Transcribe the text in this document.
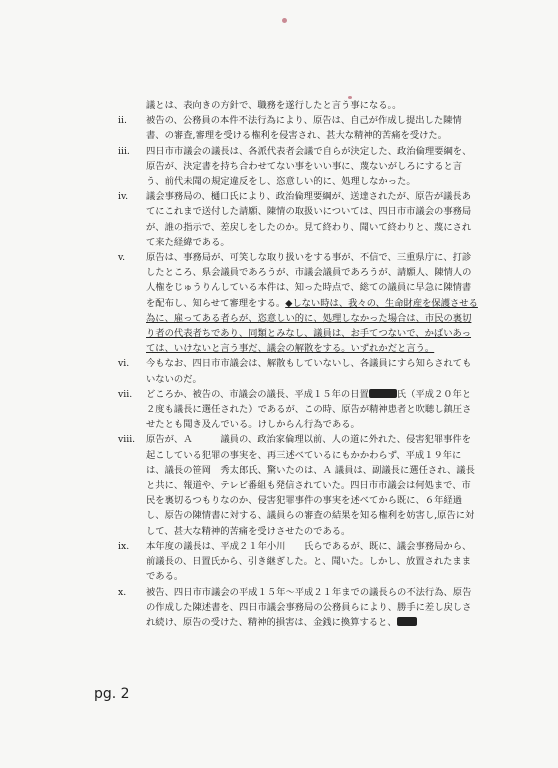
議とは、表向きの方針で、職務を遂行したと言う事になる。。

ii.	被告の、公務員の本件不法行為により、原告は、自己が作成し提出した陳情書、の審査,審理を受ける権利を侵害され、甚大な精神的苦痛を受けた。
iii.	四日市市議会の議長は、各派代表者会議で自らが決定した、政治倫理要綱を、原告が、決定書を持ち合わせてない事をいい事に、蔑ないがしろにすると言う、前代未聞の規定違反をし、恣意しい的に、処理しなかった。
iv.	議会事務局の、樋口氏により、政治倫理要綱が、送達されたが、原告が議長あてにこれまで送付した請願、陳情の取扱いについては、四日市市議会の事務局が、誰の指示で、差戻しをしたのか。見て終わり、聞いて終わりと、蔑にされて来た経緯である。
v.	原告は、事務局が、可笑しな取り扱いをする事が、不信で、三重県庁に、打診したところ、県会議員であろうが、市議会議員であろうが、請願人、陳情人の人権をじゅうりんしている本件は、知った時点で、総ての議員に早急に陳情書を配布し、知らせて審理をする。◆しない時は、我々の、生命財産を保護させる為に、雇ってある者らが、恣意しい的に、処理しなかった場合は、市民の裏切り者の代表者ちであり、同類とみなし、議員は、お手てつないで、かばいあっては、いけないと言う事だ、議会の解散をする。いずれかだと言う。
vi.	今もなお、四日市市議会は、解散もしていないし、各議員にすら知らされてもいないのだ。
vii.	どころか、被告の、市議会の議長、平成１５年の日置	氏（平成２０年と２度も議長に選任された）であるが、この時、原告が精神患者と吹聴し鎮圧させたとも聞き及んでいる。けしからん行為である。
viii.	原告が、Ａ　　　議員の、政治家倫理以前、人の道に外れた、侵害犯罪事件を起こしている犯罪の事実を、再三述べているにもかかわらず、平成１９年には、議長の笹岡　秀太郎氏、驚いたのは、Ａ 議員は、副議長に選任され、議長と共に、報道や、テレビ番組も発信されていた。四日市市議会は何処まで、市民を裏切るつもりなのか、侵害犯罪事件の事実を述べてから既に、６年経過し、原告の陳情書に対する、議員らの審査の結果を知る権利を妨害し,原告に対して、甚大な精神的苦痛を受けさせたのである。
ix.	本年度の議長は、平成２１年小川　　氏らであるが、既に、議会事務局から、前議長の、日置氏から、引き継ぎした。と、聞いた。しかし、放置されたままである。
x.	被告、四日市市議会の平成１５年～平成２１年までの議長らの不法行為、原告の作成した陳述書を、四日市議会事務局の公務員らにより、勝手に差し戻しされ続け、原告の受けた、精神的損害は、金銭に換算すると、
pg. 2
